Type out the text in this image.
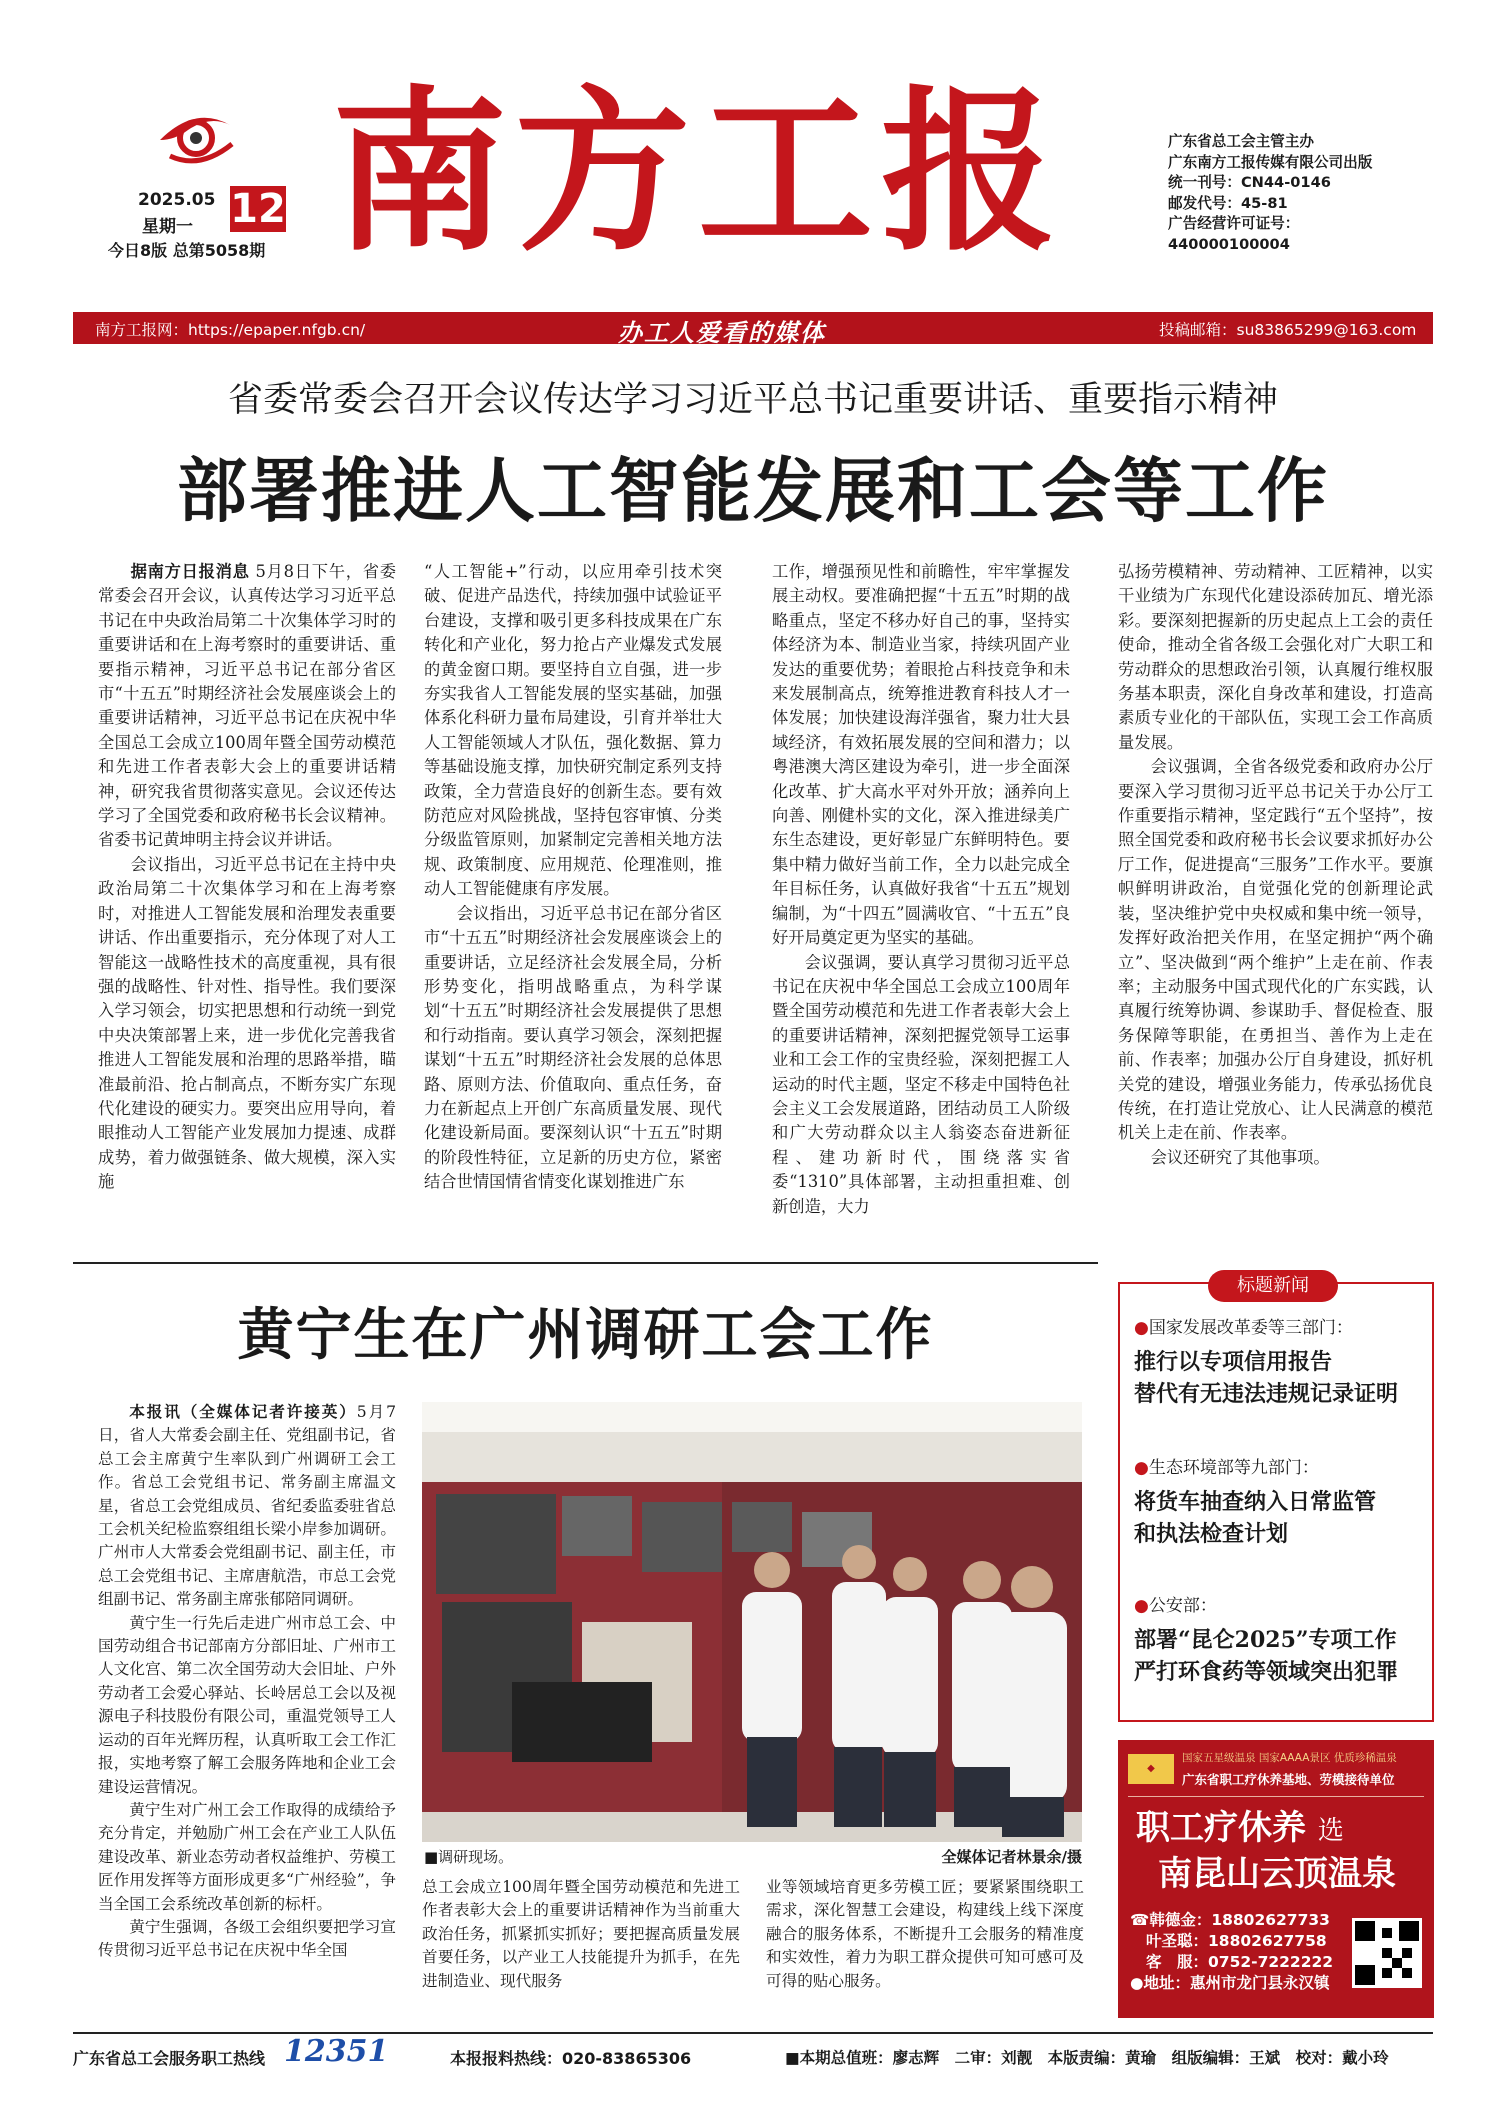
2025.05
星期一 12
今日8版 总第5058期 南方工报	广东省总工会主管主办
广东南方工报传媒有限公司出版
统一刊号：CN44-0146
邮发代号：45-81
广告经营许可证号：
440000100004
南方工报网：https://epaper.nfgb.cn/	办工人爱看的媒体	投稿邮箱：su83865299@163.com
省委常委会召开会议传达学习习近平总书记重要讲话、重要指示精神
部署推进人工智能发展和工会等工作

据南方日报消息 5月8日下午，省委常委会召开会议，认真传达学习习近平总书记在中央政治局第二十次集体学习时的重要讲话和在上海考察时的重要讲话、重要指示精神，习近平总书记在部分省区市“十五五”时期经济社会发展座谈会上的重要讲话精神，习近平总书记在庆祝中华全国总工会成立100周年暨全国劳动模范和先进工作者表彰大会上的重要讲话精神，研究我省贯彻落实意见。会议还传达学习了全国党委和政府秘书长会议精神。省委书记黄坤明主持会议并讲话。

会议指出，习近平总书记在主持中央政治局第二十次集体学习和在上海考察时，对推进人工智能发展和治理发表重要讲话、作出重要指示，充分体现了对人工智能这一战略性技术的高度重视，具有很强的战略性、针对性、指导性。我们要深入学习领会，切实把思想和行动统一到党中央决策部署上来，进一步优化完善我省推进人工智能发展和治理的思路举措，瞄准最前沿、抢占制高点，不断夯实广东现代化建设的硬实力。要突出应用导向，着眼推动人工智能产业发展加力提速、成群成势，着力做强链条、做大规模，深入实施

“人工智能+”行动，以应用牵引技术突破、促进产品迭代，持续加强中试验证平台建设，支撑和吸引更多科技成果在广东转化和产业化，努力抢占产业爆发式发展的黄金窗口期。要坚持自立自强，进一步夯实我省人工智能发展的坚实基础，加强体系化科研力量布局建设，引育并举壮大人工智能领域人才队伍，强化数据、算力等基础设施支撑，加快研究制定系列支持政策，全力营造良好的创新生态。要有效防范应对风险挑战，坚持包容审慎、分类分级监管原则，加紧制定完善相关地方法规、政策制度、应用规范、伦理准则，推动人工智能健康有序发展。

会议指出，习近平总书记在部分省区市“十五五”时期经济社会发展座谈会上的重要讲话，立足经济社会发展全局，分析形势变化，指明战略重点，为科学谋划“十五五”时期经济社会发展提供了思想和行动指南。要认真学习领会，深刻把握谋划“十五五”时期经济社会发展的总体思路、原则方法、价值取向、重点任务，奋力在新起点上开创广东高质量发展、现代化建设新局面。要深刻认识“十五五”时期的阶段性特征，立足新的历史方位，紧密结合世情国情省情变化谋划推进广东

工作，增强预见性和前瞻性，牢牢掌握发展主动权。要准确把握“十五五”时期的战略重点，坚定不移办好自己的事，坚持实体经济为本、制造业当家，持续巩固产业发达的重要优势；着眼抢占科技竞争和未来发展制高点，统筹推进教育科技人才一体发展；加快建设海洋强省，聚力壮大县域经济，有效拓展发展的空间和潜力；以粤港澳大湾区建设为牵引，进一步全面深化改革、扩大高水平对外开放；涵养向上向善、刚健朴实的文化，深入推进绿美广东生态建设，更好彰显广东鲜明特色。要集中精力做好当前工作，全力以赴完成全年目标任务，认真做好我省“十五五”规划编制，为“十四五”圆满收官、“十五五”良好开局奠定更为坚实的基础。

会议强调，要认真学习贯彻习近平总书记在庆祝中华全国总工会成立100周年暨全国劳动模范和先进工作者表彰大会上的重要讲话精神，深刻把握党领导工运事业和工会工作的宝贵经验，深刻把握工人运动的时代主题，坚定不移走中国特色社会主义工会发展道路，团结动员工人阶级和广大劳动群众以主人翁姿态奋进新征程、建功新时代，围绕落实省委“1310”具体部署，主动担重担难、创新创造，大力

弘扬劳模精神、劳动精神、工匠精神，以实干业绩为广东现代化建设添砖加瓦、增光添彩。要深刻把握新的历史起点上工会的责任使命，推动全省各级工会强化对广大职工和劳动群众的思想政治引领，认真履行维权服务基本职责，深化自身改革和建设，打造高素质专业化的干部队伍，实现工会工作高质量发展。

会议强调，全省各级党委和政府办公厅要深入学习贯彻习近平总书记关于办公厅工作重要指示精神，坚定践行“五个坚持”，按照全国党委和政府秘书长会议要求抓好办公厅工作，促进提高“三服务”工作水平。要旗帜鲜明讲政治，自觉强化党的创新理论武装，坚决维护党中央权威和集中统一领导，发挥好政治把关作用，在坚定拥护“两个确立”、坚决做到“两个维护”上走在前、作表率；主动服务中国式现代化的广东实践，认真履行统筹协调、参谋助手、督促检查、服务保障等职能，在勇担当、善作为上走在前、作表率；加强办公厅自身建设，抓好机关党的建设，增强业务能力，传承弘扬优良传统，在打造让党放心、让人民满意的模范机关上走在前、作表率。

会议还研究了其他事项。

黄宁生在广州调研工会工作

本报讯（全媒体记者许接英）5月7日，省人大常委会副主任、党组副书记，省总工会主席黄宁生率队到广州调研工会工作。省总工会党组书记、常务副主席温文星，省总工会党组成员、省纪委监委驻省总工会机关纪检监察组组长梁小岸参加调研。广州市人大常委会党组副书记、副主任，市总工会党组书记、主席唐航浩，市总工会党组副书记、常务副主席张郁陪同调研。

黄宁生一行先后走进广州市总工会、中国劳动组合书记部南方分部旧址、广州市工人文化宫、第二次全国劳动大会旧址、户外劳动者工会爱心驿站、长岭居总工会以及视源电子科技股份有限公司，重温党领导工人运动的百年光辉历程，认真听取工会工作汇报，实地考察了解工会服务阵地和企业工会建设运营情况。

黄宁生对广州工会工作取得的成绩给予充分肯定，并勉励广州工会在产业工人队伍建设改革、新业态劳动者权益维护、劳模工匠作用发挥等方面形成更多“广州经验”，争当全国工会系统改革创新的标杆。

黄宁生强调，各级工会组织要把学习宣传贯彻习近平总书记在庆祝中华全国

■调研现场。	全媒体记者林景余/摄

总工会成立100周年暨全国劳动模范和先进工作者表彰大会上的重要讲话精神作为当前重大政治任务，抓紧抓实抓好；要把握高质量发展首要任务，以产业工人技能提升为抓手，在先进制造业、现代服务

业等领域培育更多劳模工匠；要紧紧围绕职工需求，深化智慧工会建设，构建线上线下深度融合的服务体系，不断提升工会服务的精准度和实效性，着力为职工群众提供可知可感可及可得的贴心服务。

标题新闻
●国家发展改革委等三部门：
推行以专项信用报告
替代有无违法违规记录证明
●生态环境部等九部门：
将货车抽查纳入日常监管
和执法检查计划
●公安部：
部署“昆仑2025”专项工作
严打环食药等领域突出犯罪
◆
国家五星级温泉 国家AAAA景区 优质珍稀温泉
广东省职工疗休养基地、劳模接待单位
职工疗休养 选
南昆山云顶温泉
☎韩德金：18802627733
叶圣聪：18802627758
客　服：0752-7222222
●地址：惠州市龙门县永汉镇
广东省总工会服务职工热线 12351	本报报料热线：020-83865306	■本期总值班：廖志辉　二审：刘靓　本版责编：黄瑜　组版编辑：王斌　校对：戴小玲
